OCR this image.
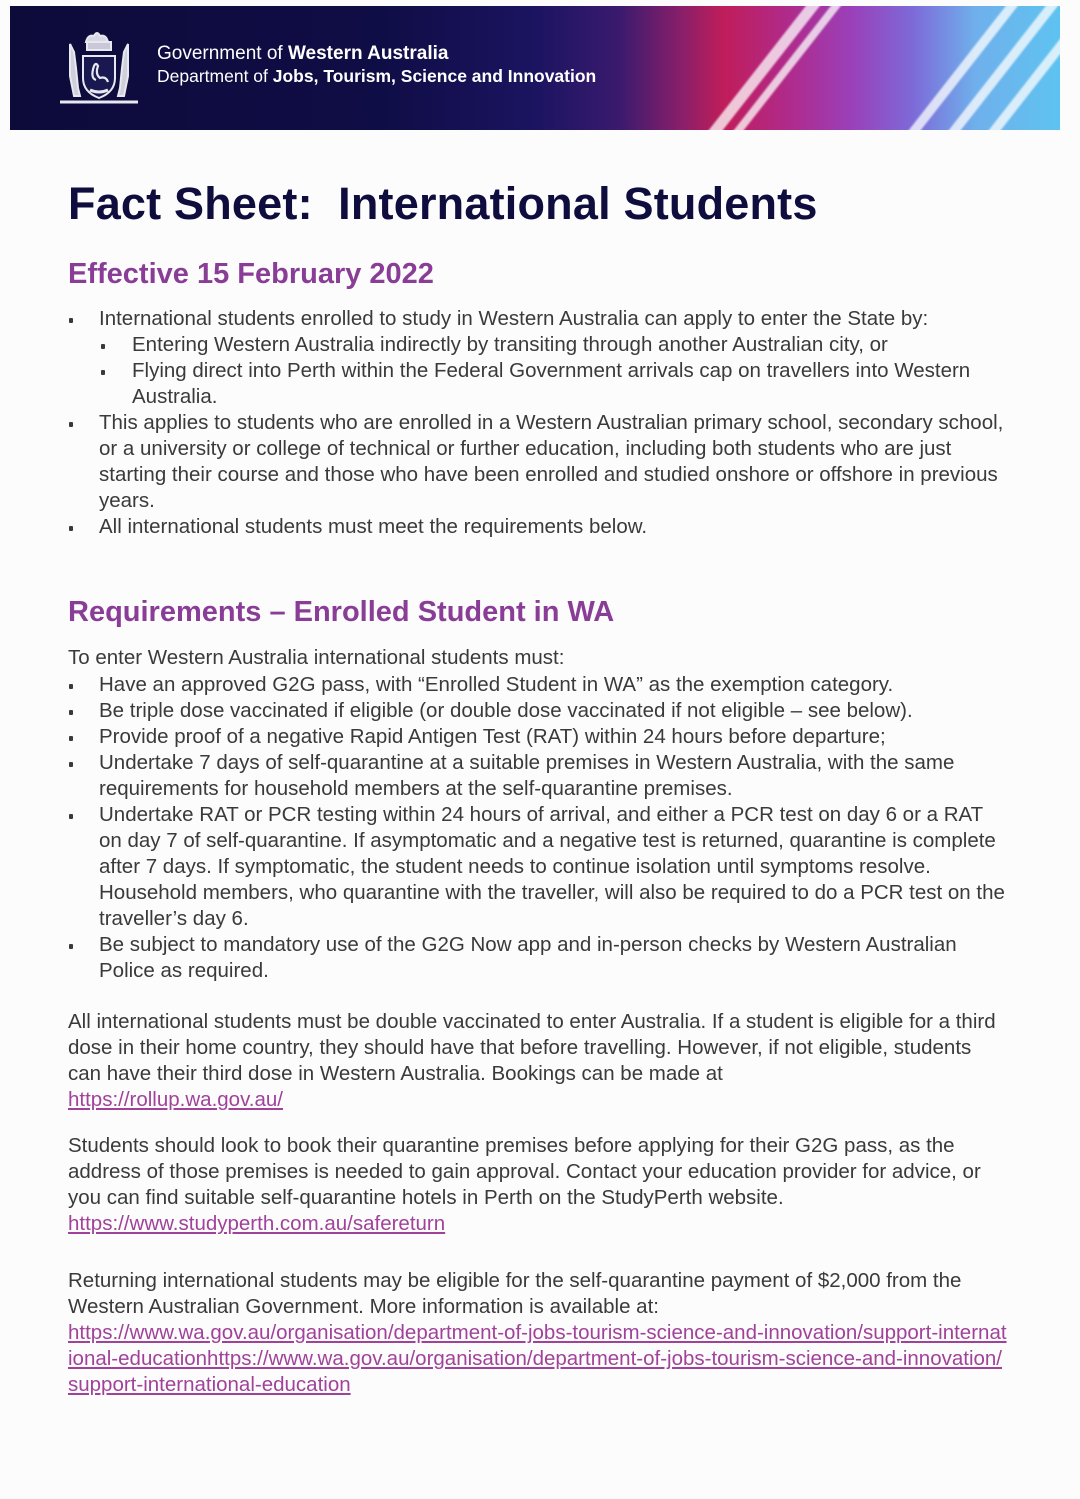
Government of Western Australia
Department of Jobs, Tourism, Science and Innovation
Fact Sheet:  International Students
Effective 15 February 2022
International students enrolled to study in Western Australia can apply to enter the State by:
Entering Western Australia indirectly by transiting through another Australian city, or
Flying direct into Perth within the Federal Government arrivals cap on travellers into Western Australia.
This applies to students who are enrolled in a Western Australian primary school, secondary school, or a university or college of technical or further education, including both students who are just starting their course and those who have been enrolled and studied onshore or offshore in previous years.
All international students must meet the requirements below.
Requirements – Enrolled Student in WA
To enter Western Australia international students must:
Have an approved G2G pass, with “Enrolled Student in WA” as the exemption category.
Be triple dose vaccinated if eligible (or double dose vaccinated if not eligible – see below).
Provide proof of a negative Rapid Antigen Test (RAT) within 24 hours before departure;
Undertake 7 days of self-quarantine at a suitable premises in Western Australia, with the same requirements for household members at the self-quarantine premises.
Undertake RAT or PCR testing within 24 hours of arrival, and either a PCR test on day 6 or a RAT on day 7 of self-quarantine. If asymptomatic and a negative test is returned, quarantine is complete after 7 days. If symptomatic, the student needs to continue isolation until symptoms resolve. Household members, who quarantine with the traveller, will also be required to do a PCR test on the traveller’s day 6.
Be subject to mandatory use of the G2G Now app and in-person checks by Western Australian Police as required.
All international students must be double vaccinated to enter Australia. If a student is eligible for a third dose in their home country, they should have that before travelling. However, if not eligible, students can have their third dose in Western Australia. Bookings can be made at
https://rollup.wa.gov.au/
Students should look to book their quarantine premises before applying for their G2G pass, as the address of those premises is needed to gain approval. Contact your education provider for advice, or you can find suitable self-quarantine hotels in Perth on the StudyPerth website.
https://www.studyperth.com.au/safereturn
Returning international students may be eligible for the self-quarantine payment of $2,000 from the Western Australian Government. More information is available at:
https://www.wa.gov.au/organisation/department-of-jobs-tourism-science-and-innovation/support-international-educationhttps://www.wa.gov.au/organisation/department-of-jobs-tourism-science-and-innovation/support-international-education
